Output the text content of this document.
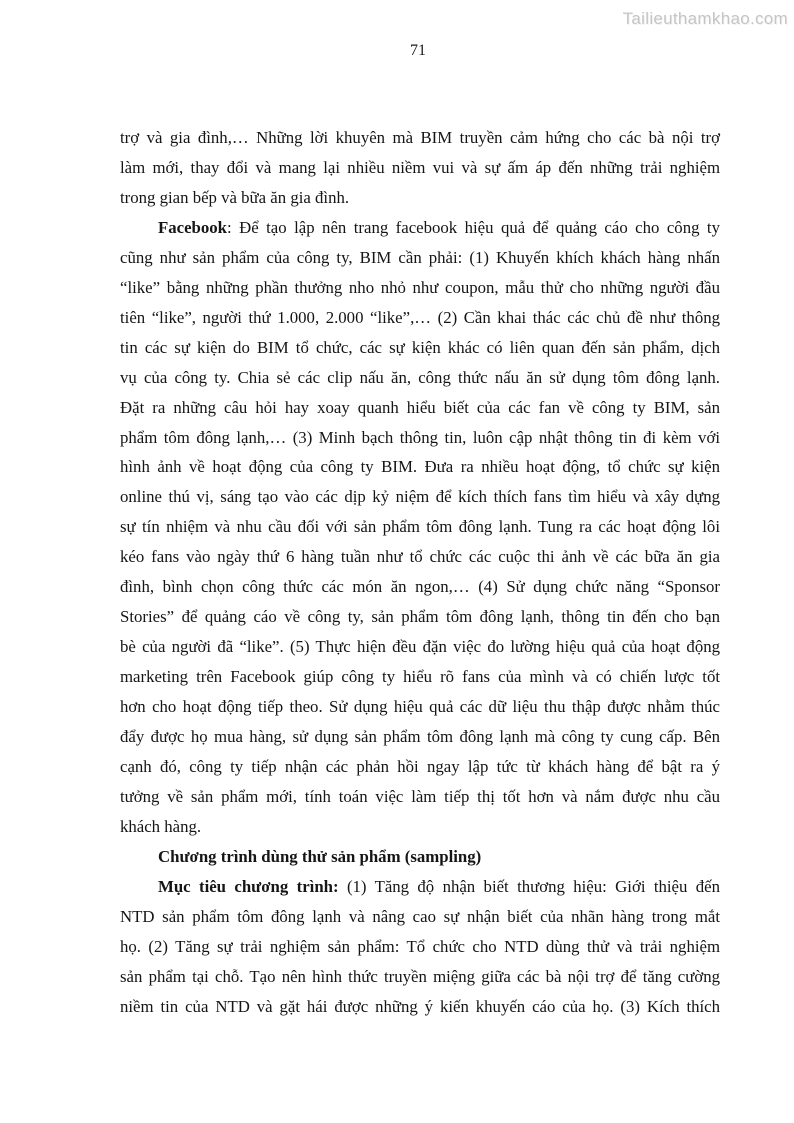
Tailieuthamkhao.com
71
trợ và gia đình,… Những lời khuyên mà BIM truyền cảm hứng cho các bà nội trợ
làm mới, thay đổi và mang lại nhiều niềm vui và sự ấm áp đến những trải nghiệm
trong gian bếp và bữa ăn gia đình.
Facebook: Để tạo lập nên trang facebook hiệu quả để quảng cáo cho công ty
cũng như sản phẩm của công ty, BIM cần phải: (1) Khuyến khích khách hàng nhấn
“like” bằng những phần thưởng nho nhỏ như coupon, mẫu thử cho những người đầu
tiên “like”, người thứ 1.000, 2.000 “like”,… (2) Cần khai thác các chủ đề như thông
tin các sự kiện do BIM tổ chức, các sự kiện khác có liên quan đến sản phẩm, dịch
vụ của công ty. Chia sẻ các clip nấu ăn, công thức nấu ăn sử dụng tôm đông lạnh.
Đặt ra những câu hỏi hay xoay quanh hiểu biết của các fan về công ty BIM, sản
phẩm tôm đông lạnh,… (3) Minh bạch thông tin, luôn cập nhật thông tin đi kèm với
hình ảnh về hoạt động của công ty BIM. Đưa ra nhiều hoạt động, tổ chức sự kiện
online thú vị, sáng tạo vào các dịp kỷ niệm để kích thích fans tìm hiểu và xây dựng
sự tín nhiệm và nhu cầu đối với sản phẩm tôm đông lạnh. Tung ra các hoạt động lôi
kéo fans vào ngày thứ 6 hàng tuần như tổ chức các cuộc thi ảnh về các bữa ăn gia
đình, bình chọn công thức các món ăn ngon,… (4) Sử dụng chức năng “Sponsor
Stories” để quảng cáo về công ty, sản phẩm tôm đông lạnh, thông tin đến cho bạn
bè của người đã “like”. (5) Thực hiện đều đặn việc đo lường hiệu quả của hoạt động
marketing trên Facebook giúp công ty hiểu rõ fans của mình và có chiến lược tốt
hơn cho hoạt động tiếp theo. Sử dụng hiệu quả các dữ liệu thu thập được nhằm thúc
đẩy được họ mua hàng, sử dụng sản phẩm tôm đông lạnh mà công ty cung cấp. Bên
cạnh đó, công ty tiếp nhận các phản hồi ngay lập tức từ khách hàng để bật ra ý
tưởng về sản phẩm mới, tính toán việc làm tiếp thị tốt hơn và nắm được nhu cầu
khách hàng.
Chương trình dùng thử sản phẩm (sampling)
Mục tiêu chương trình: (1) Tăng độ nhận biết thương hiệu: Giới thiệu đến
NTD sản phẩm tôm đông lạnh và nâng cao sự nhận biết của nhãn hàng trong mắt
họ. (2) Tăng sự trải nghiệm sản phẩm: Tổ chức cho NTD dùng thử và trải nghiệm
sản phẩm tại chỗ. Tạo nên hình thức truyền miệng giữa các bà nội trợ để tăng cường
niềm tin của NTD và gặt hái được những ý kiến khuyến cáo của họ. (3) Kích thích
